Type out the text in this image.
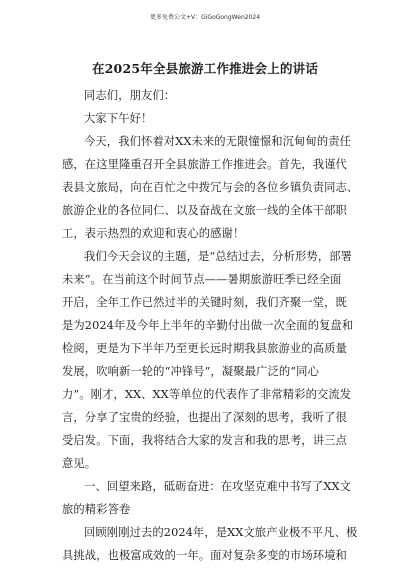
更多免费公文+V：GiGoGongWen2024
在2025年全县旅游工作推进会上的讲话
同志们，朋友们：
大家下午好！
今天，我们怀着对XX未来的无限憧憬和沉甸甸的责任
感，在这里隆重召开全县旅游工作推进会。首先，我谨代
表县文旅局，向在百忙之中拨冗与会的各位乡镇负责同志、
旅游企业的各位同仁、以及奋战在文旅一线的全体干部职
工，表示热烈的欢迎和衷心的感谢！
我们今天会议的主题，是“总结过去，分析形势，部署
未来”。在当前这个时间节点——暑期旅游旺季已经全面
开启，全年工作已然过半的关键时刻，我们齐聚一堂，既
是为2024年及今年上半年的辛勤付出做一次全面的复盘和
检阅，更是为下半年乃至更长远时期我县旅游业的高质量
发展，吹响新一轮的“冲锋号”，凝聚最广泛的“同心
力”。刚才，XX、XX等单位的代表作了非常精彩的交流发
言，分享了宝贵的经验，也提出了深刻的思考，我听了很
受启发。下面，我将结合大家的发言和我的思考，讲三点
意见。
一、回望来路，砥砺奋进：在攻坚克难中书写了XX文
旅的精彩答卷
回顾刚刚过去的2024年，是XX文旅产业极不平凡、极
具挑战，也极富成效的一年。面对复杂多变的市场环境和
